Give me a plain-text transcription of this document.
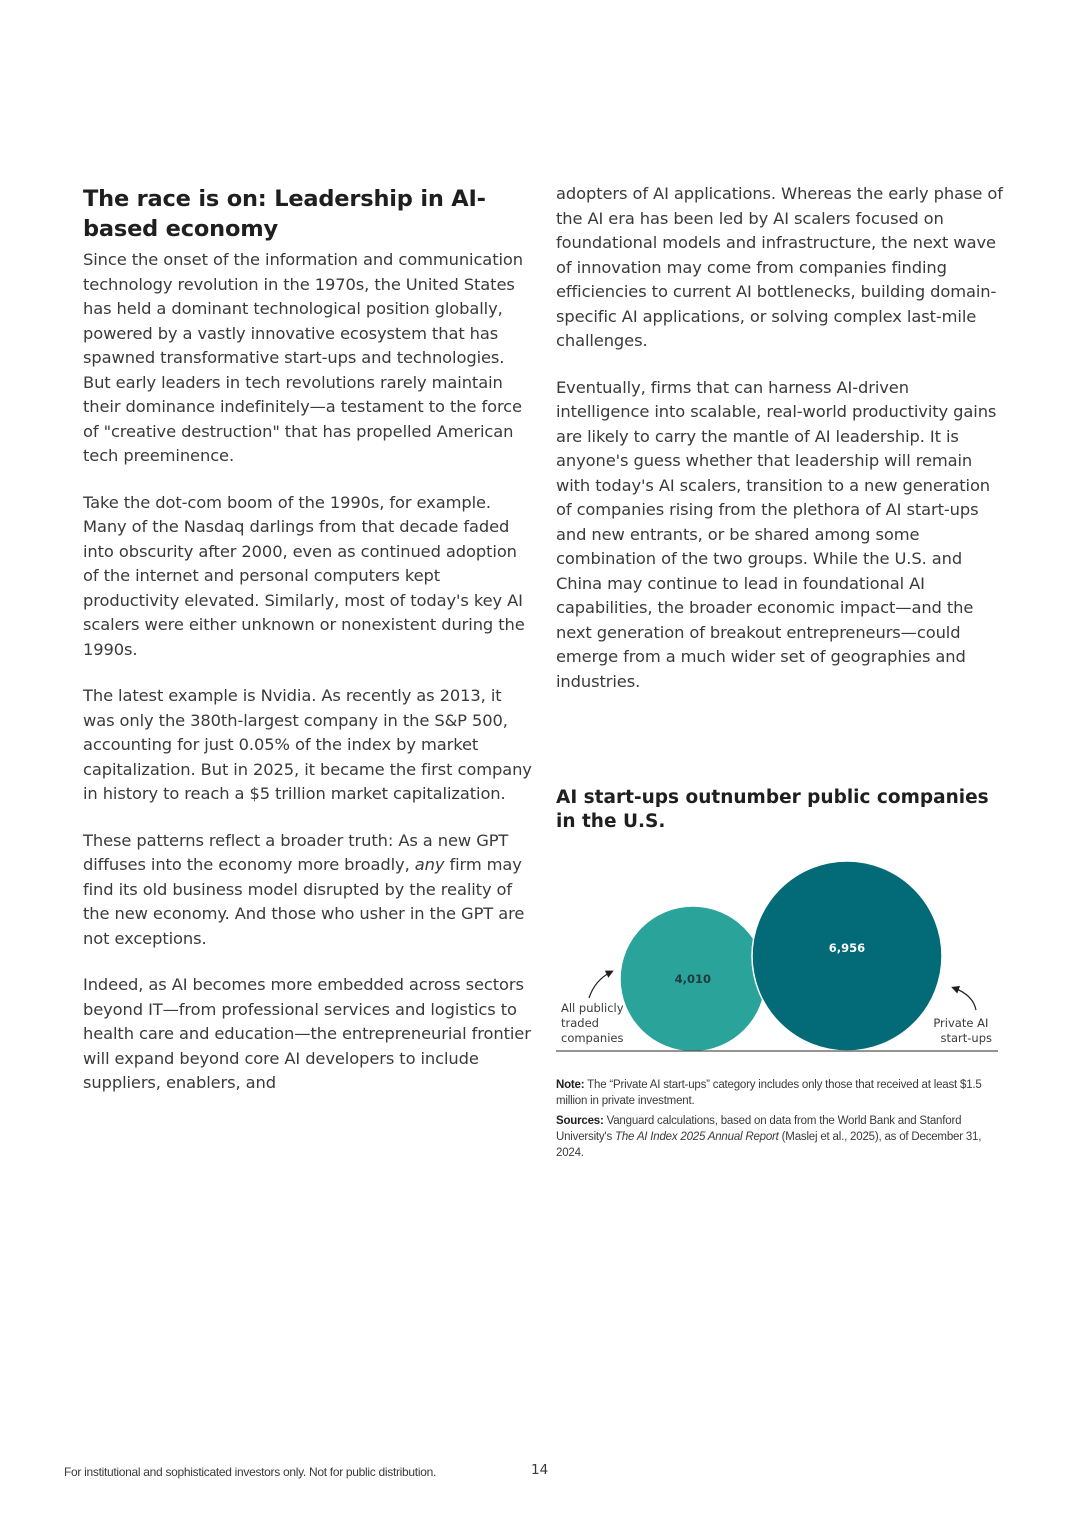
The race is on: Leadership in AI-based economy

Since the onset of the information and communication technology revolution in the 1970s, the United States has held a dominant technological position globally, powered by a vastly innovative ecosystem that has spawned transformative start-ups and technologies. But early leaders in tech revolutions rarely maintain their dominance indefinitely—a testament to the force of "creative destruction" that has propelled American tech preeminence.

Take the dot-com boom of the 1990s, for example. Many of the Nasdaq darlings from that decade faded into obscurity after 2000, even as continued adoption of the internet and personal computers kept productivity elevated. Similarly, most of today's key AI scalers were either unknown or nonexistent during the 1990s.

The latest example is Nvidia. As recently as 2013, it was only the 380th-largest company in the S&P 500, accounting for just 0.05% of the index by market capitalization. But in 2025, it became the first company in history to reach a $5 trillion market capitalization.

These patterns reflect a broader truth: As a new GPT diffuses into the economy more broadly, any firm may find its old business model disrupted by the reality of the new economy. And those who usher in the GPT are not exceptions.

Indeed, as AI becomes more embedded across sectors beyond IT—from professional services and logistics to health care and education—the entrepreneurial frontier will expand beyond core AI developers to include suppliers, enablers, and

adopters of AI applications. Whereas the early phase of the AI era has been led by AI scalers focused on foundational models and infrastructure, the next wave of innovation may come from companies finding efficiencies to current AI bottlenecks, building domain-specific AI applications, or solving complex last-mile challenges.

Eventually, firms that can harness AI-driven intelligence into scalable, real-world productivity gains are likely to carry the mantle of AI leadership. It is anyone's guess whether that leadership will remain with today's AI scalers, transition to a new generation of companies rising from the plethora of AI start-ups and new entrants, or be shared among some combination of the two groups. While the U.S. and China may continue to lead in foundational AI capabilities, the broader economic impact—and the next generation of breakout entrepreneurs—could emerge from a much wider set of geographies and industries.

AI start-ups outnumber public companies in the U.S.
4,010
6,956
All publicly traded companies
Private AI start-ups

Note: The “Private AI start-ups” category includes only those that received at least $1.5 million in private investment.

Sources: Vanguard calculations, based on data from the World Bank and Stanford University's The AI Index 2025 Annual Report (Maslej et al., 2025), as of December 31, 2024.

For institutional and sophisticated investors only. Not for public distribution.	14
